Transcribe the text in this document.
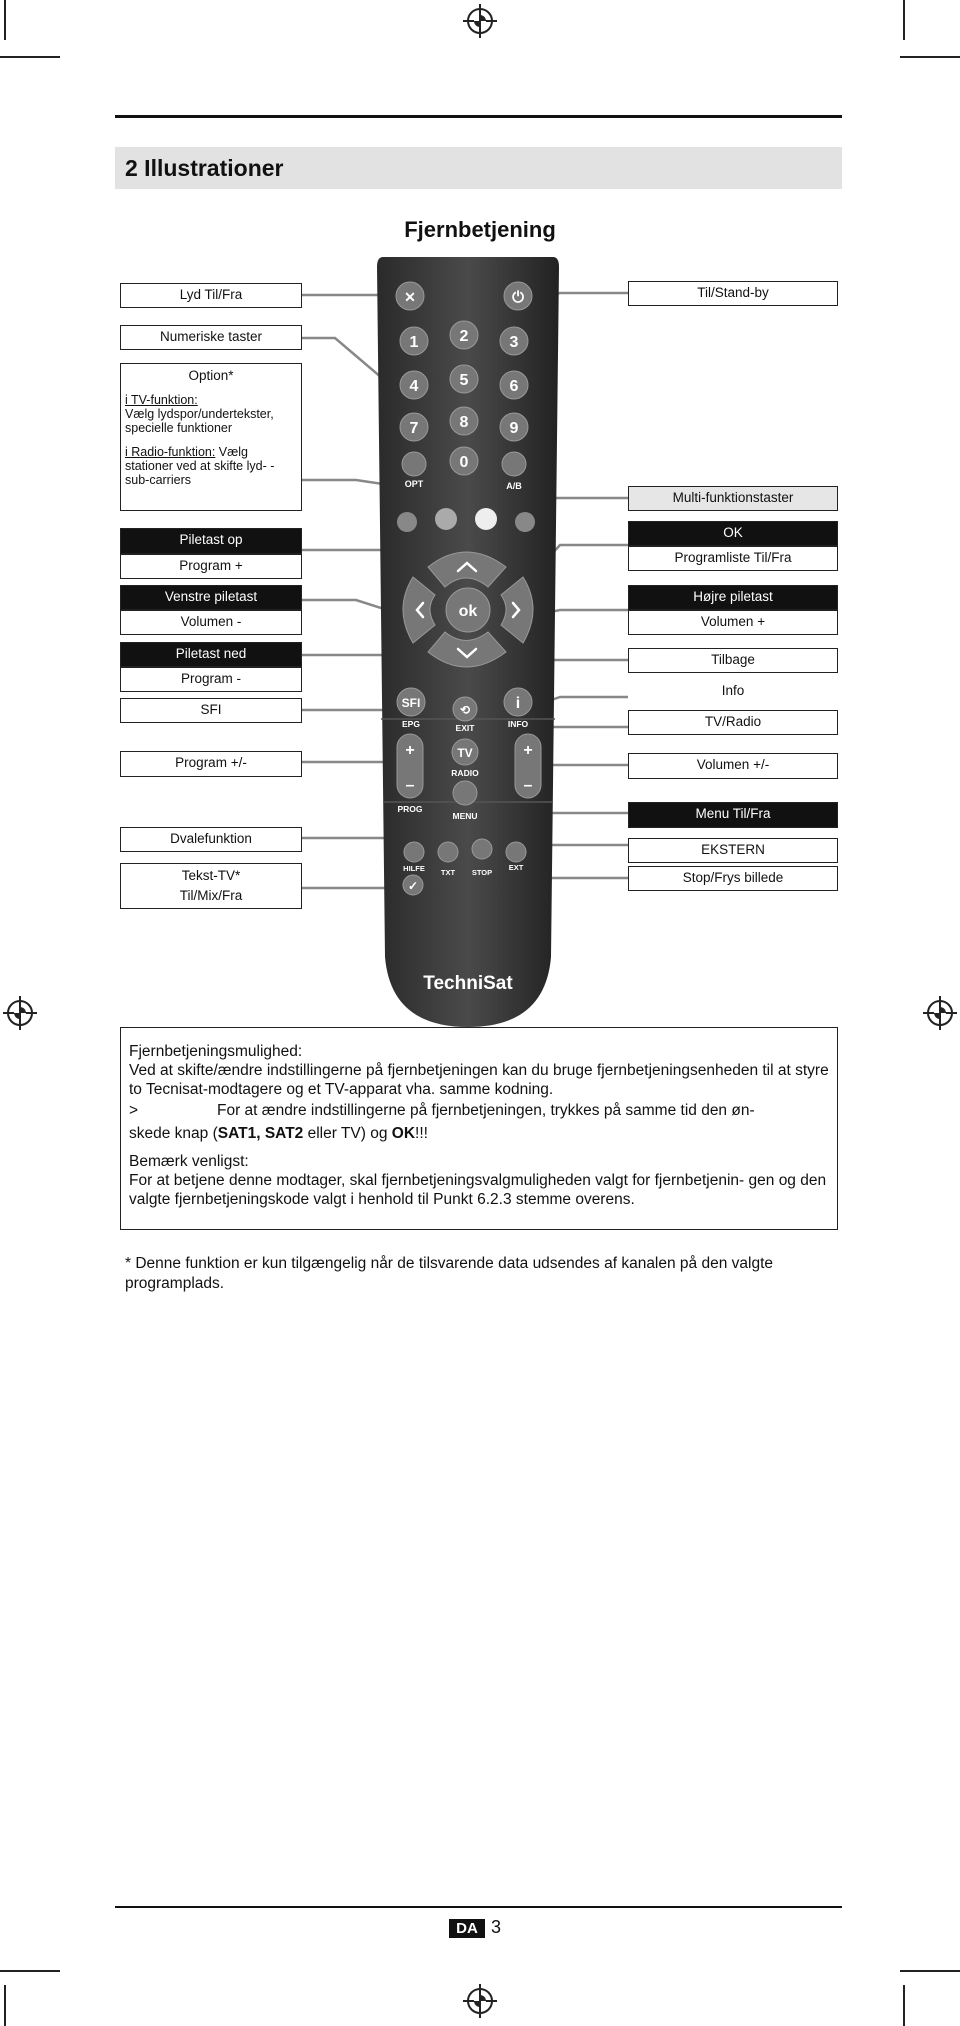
2 Illustrationer
Fjernbetjening
✕	⏻
1	2	3
4	5	6
7	8	9
0
OPT	A/B
ok
SFI
EPG
⟲
EXIT
i
INFO
+
–
TV
RADIO
+
–
PROG
MENU
HILFE TXT STOP
EXT
✓
TechniSat
Lyd Til/Fra
Numeriske taster
Option*
i TV-funktion:
Vælg lydspor/undertekster, specielle funktioner
i Radio-funktion: Vælg stationer ved at skifte lyd- -sub-carriers
Piletast op
Program +
Venstre piletast
Volumen -
Piletast ned
Program -
SFI
Program +/-
Dvalefunktion
Tekst-TV*
Til/Mix/Fra
Til/Stand-by
Multi-funktionstaster
OK
Programliste Til/Fra
Højre piletast
Volumen +
Tilbage
Info
TV/Radio
Volumen +/-
Menu Til/Fra
EKSTERN
Stop/Frys billede

Fjernbetjeningsmulighed:

Ved at skifte/ændre indstillingerne på fjernbetjeningen kan du bruge fjernbetjeningsenheden til at styre to Tecnisat-modtagere og et TV-apparat vha. samme kodning.

>	For at ændre indstillingerne på fjernbetjeningen, trykkes på samme tid den øn-

skede knap (SAT1, SAT2 eller TV) og OK!!!

Bemærk venligst:

For at betjene denne modtager, skal fjernbetjeningsvalgmuligheden valgt for fjernbetjenin- gen og den valgte fjernbetjeningskode valgt i henhold til Punkt 6.2.3 stemme overens.

* Denne funktion er kun tilgængelig når de tilsvarende data udsendes af kanalen på den valgte programplads.
DA 3
